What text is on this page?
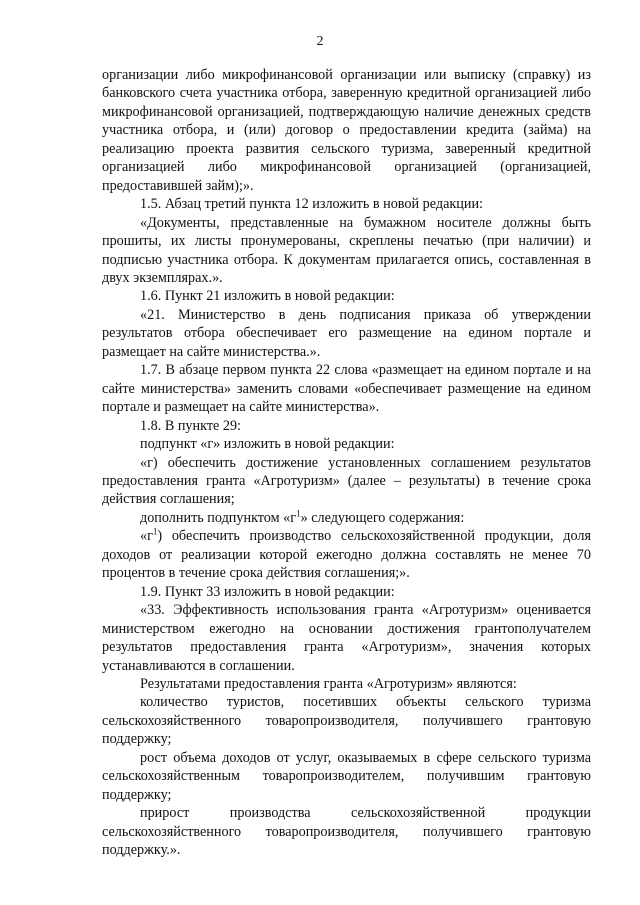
2

организации либо микрофинансовой организации или выписку (справку) из банковского счета участника отбора, заверенную кредитной организацией либо микрофинансовой организацией, подтверждающую наличие денежных средств участника отбора, и (или) договор о предоставлении кредита (займа) на реализацию проекта развития сельского туризма, заверенный кредитной организацией либо микрофинансовой организацией (организацией, предоставившей займ);».

1.5. Абзац третий пункта 12 изложить в новой редакции:

«Документы, представленные на бумажном носителе должны быть прошиты, их листы пронумерованы, скреплены печатью (при наличии) и подписью участника отбора. К документам прилагается опись, составленная в двух экземплярах.».

1.6. Пункт 21 изложить в новой редакции:

«21. Министерство в день подписания приказа об утверждении результатов отбора обеспечивает его размещение на едином портале и размещает на сайте министерства.».

1.7. В абзаце первом пункта 22 слова «размещает на едином портале и на сайте министерства» заменить словами «обеспечивает размещение на едином портале и размещает на сайте министерства».

1.8. В пункте 29:

подпункт «г» изложить в новой редакции:

«г) обеспечить достижение установленных соглашением результатов предоставления гранта «Агротуризм» (далее – результаты) в течение срока действия соглашения;

дополнить подпунктом «$г^1$» следующего содержания:

«$г^1$) обеспечить производство сельскохозяйственной продукции, доля доходов от реализации которой ежегодно должна составлять не менее 70 процентов в течение срока действия соглашения;».

1.9. Пункт 33 изложить в новой редакции:

«33. Эффективность использования гранта «Агротуризм» оценивается министерством ежегодно на основании достижения грантополучателем результатов предоставления гранта «Агротуризм», значения которых устанавливаются в соглашении.

Результатами предоставления гранта «Агротуризм» являются:

количество туристов, посетивших объекты сельского туризма сельскохозяйственного товаропроизводителя, получившего грантовую поддержку;

рост объема доходов от услуг, оказываемых в сфере сельского туризма сельскохозяйственным товаропроизводителем, получившим грантовую поддержку;

прирост производства сельскохозяйственной продукции сельскохозяйственного товаропроизводителя, получившего грантовую поддержку.».
